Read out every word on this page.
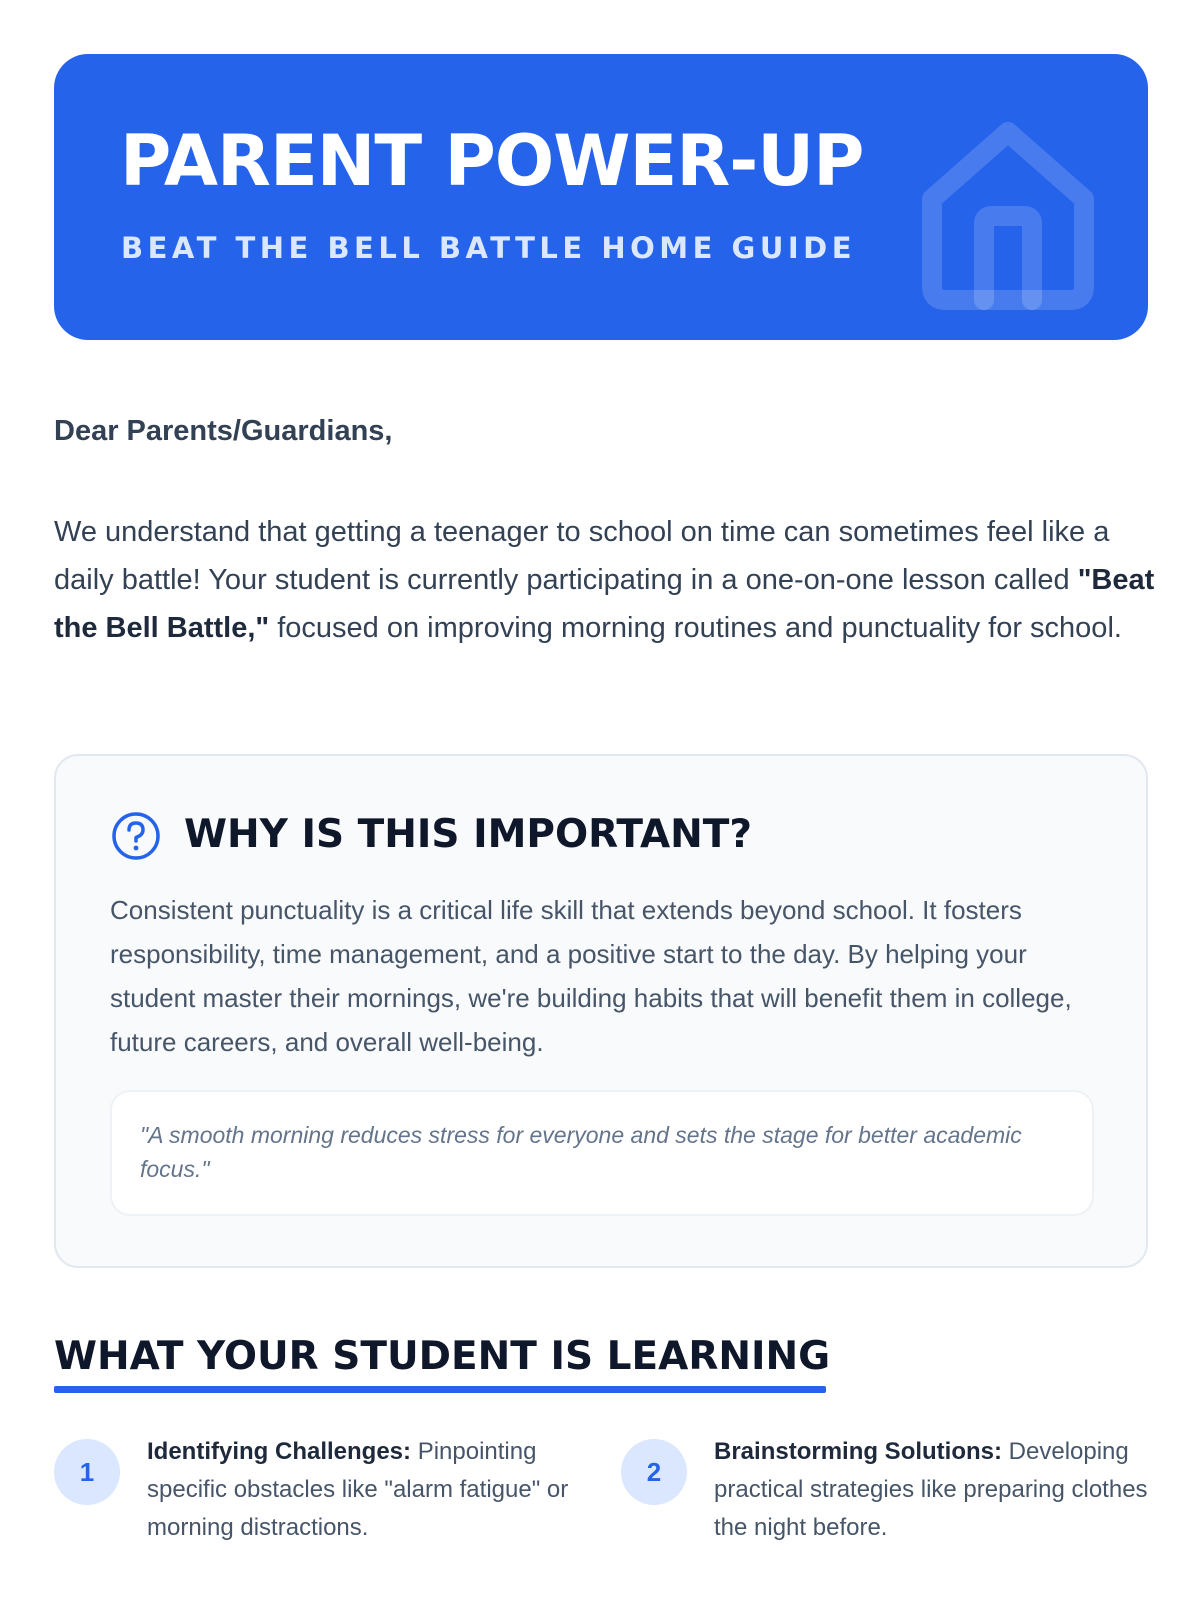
PARENT POWER-UP
BEAT THE BELL BATTLE HOME GUIDE
Dear Parents/Guardians,

We understand that getting a teenager to school on time can sometimes feel like a daily battle! Your student is currently participating in a one-on-one lesson called "Beat the Bell Battle," focused on improving morning routines and punctuality for school.

WHY IS THIS IMPORTANT?

Consistent punctuality is a critical life skill that extends beyond school. It fosters responsibility, time management, and a positive start to the day. By helping your student master their mornings, we're building habits that will benefit them in college, future careers, and overall well-being.

"A smooth morning reduces stress for everyone and sets the stage for better academic focus."
WHAT YOUR STUDENT IS LEARNING
1

Identifying Challenges: Pinpointing specific obstacles like "alarm fatigue" or morning distractions.

2

Brainstorming Solutions: Developing practical strategies like preparing clothes the night before.
